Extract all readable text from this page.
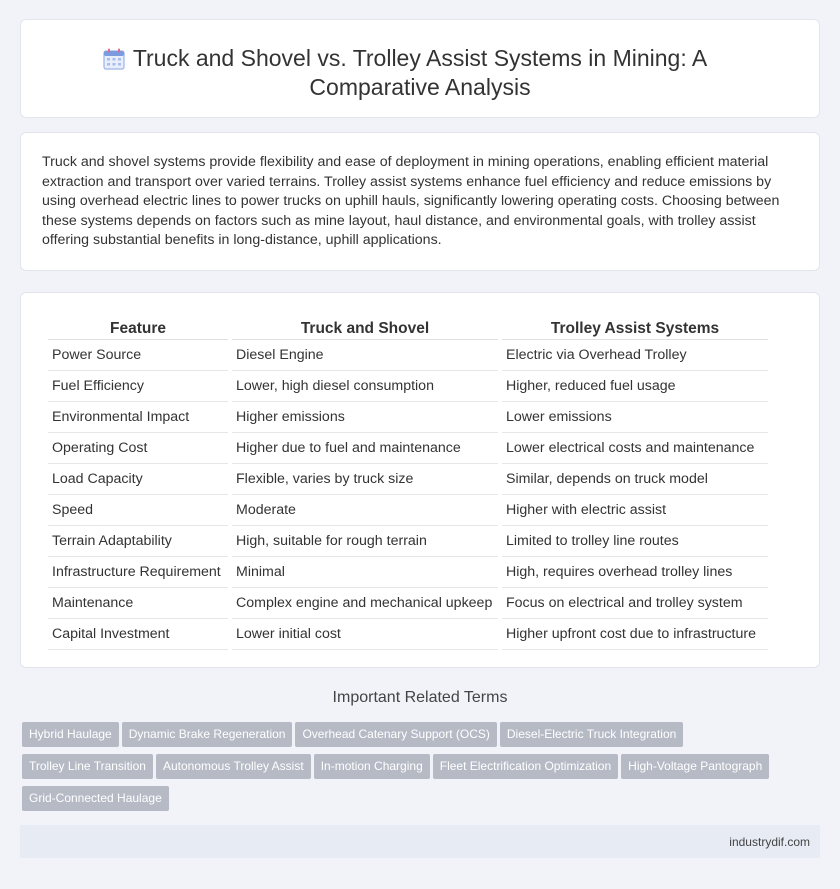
Truck and Shovel vs. Trolley Assist Systems in Mining: A Comparative Analysis

Truck and shovel systems provide flexibility and ease of deployment in mining operations, enabling efficient material extraction and transport over varied terrains. Trolley assist systems enhance fuel efficiency and reduce emissions by using overhead electric lines to power trucks on uphill hauls, significantly lowering operating costs. Choosing between these systems depends on factors such as mine layout, haul distance, and environmental goals, with trolley assist offering substantial benefits in long-distance, uphill applications.

Feature	Truck and Shovel	Trolley Assist Systems
Power Source	Diesel Engine	Electric via Overhead Trolley
Fuel Efficiency	Lower, high diesel consumption	Higher, reduced fuel usage
Environmental Impact	Higher emissions	Lower emissions
Operating Cost	Higher due to fuel and maintenance	Lower electrical costs and maintenance
Load Capacity	Flexible, varies by truck size	Similar, depends on truck model
Speed	Moderate	Higher with electric assist
Terrain Adaptability	High, suitable for rough terrain	Limited to trolley line routes
Infrastructure Requirement	Minimal	High, requires overhead trolley lines
Maintenance	Complex engine and mechanical upkeep	Focus on electrical and trolley system
Capital Investment	Lower initial cost	Higher upfront cost due to infrastructure
Important Related Terms
Hybrid Haulage Dynamic Brake Regeneration Overhead Catenary Support (OCS) Diesel-Electric Truck Integration
Trolley Line Transition Autonomous Trolley Assist In-motion Charging Fleet Electrification Optimization High-Voltage Pantograph
Grid-Connected Haulage
industrydif.com
